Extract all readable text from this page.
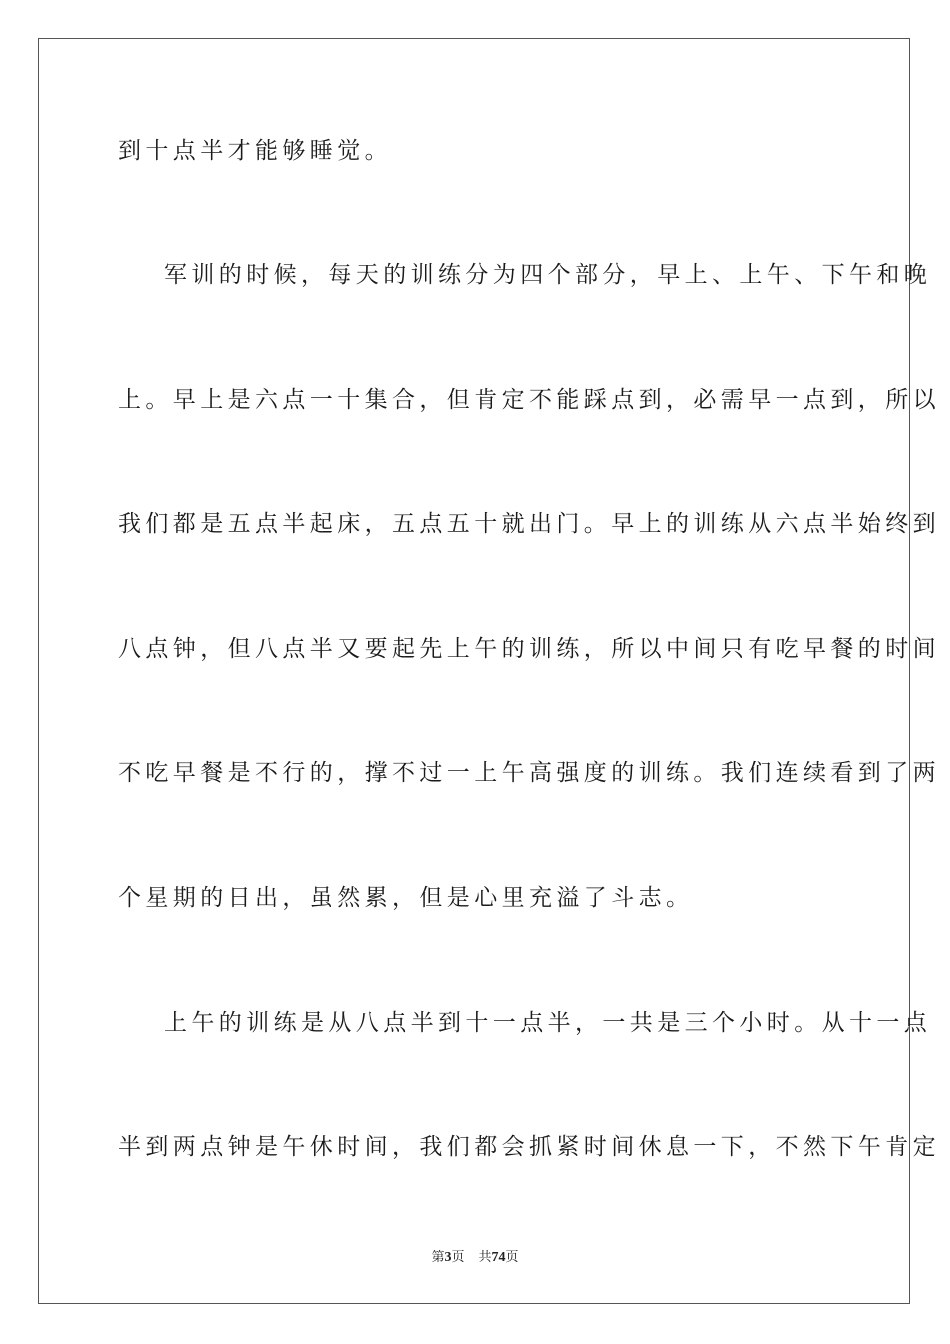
到十点半才能够睡觉。
军训的时候，每天的训练分为四个部分，早上、上午、下午和晚
上。早上是六点一十集合，但肯定不能踩点到，必需早一点到，所以
我们都是五点半起床，五点五十就出门。早上的训练从六点半始终到
八点钟，但八点半又要起先上午的训练，所以中间只有吃早餐的时间
不吃早餐是不行的，撑不过一上午高强度的训练。我们连续看到了两
个星期的日出，虽然累，但是心里充溢了斗志。
上午的训练是从八点半到十一点半，一共是三个小时。从十一点
半到两点钟是午休时间，我们都会抓紧时间休息一下，不然下午肯定
第3页 共74页
